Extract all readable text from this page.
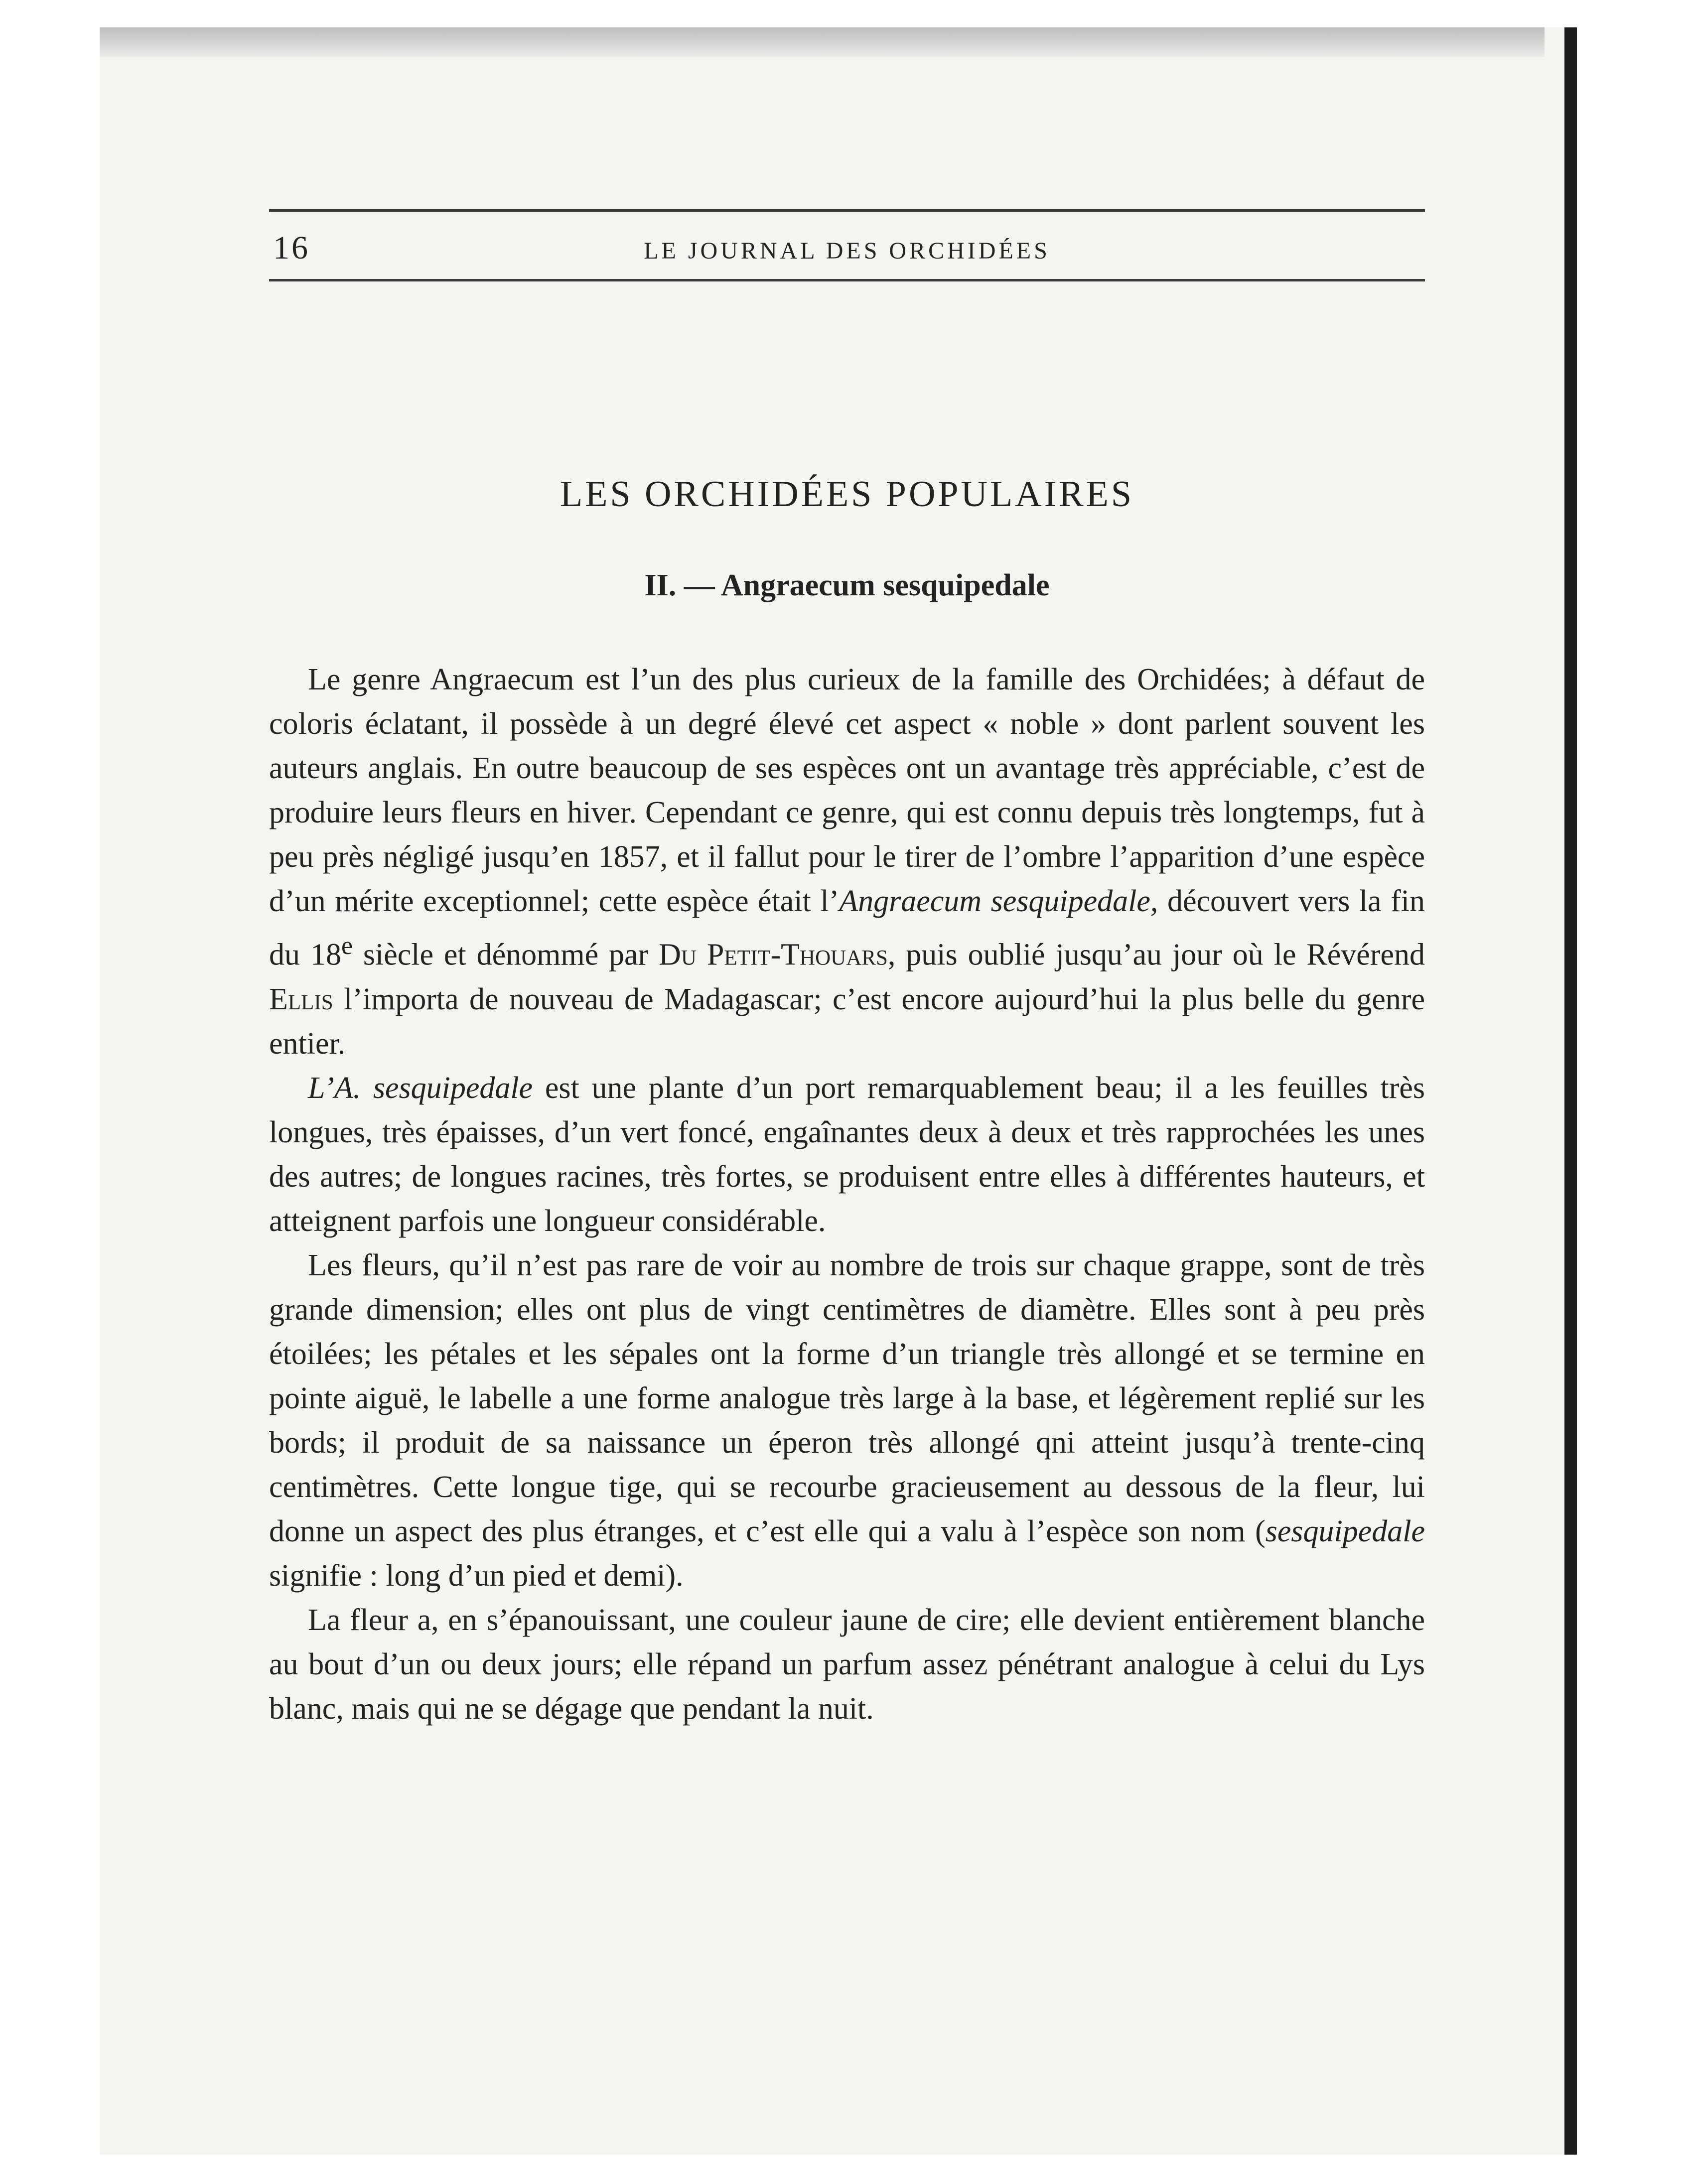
16	LE JOURNAL DES ORCHIDÉES
LES ORCHIDÉES POPULAIRES
II. — Angraecum sesquipedale

Le genre Angraecum est l’un des plus curieux de la famille des Orchidées; à défaut de coloris éclatant, il possède à un degré élevé cet aspect « noble » dont parlent souvent les auteurs anglais. En outre beaucoup de ses espèces ont un avantage très appréciable, c’est de produire leurs fleurs en hiver. Cependant ce genre, qui est connu depuis très longtemps, fut à peu près négligé jusqu’en 1857, et il fallut pour le tirer de l’ombre l’apparition d’une espèce d’un mérite exceptionnel; cette espèce était l’Angraecum sesquipedale, découvert vers la fin du 18e siècle et dénommé par Du Petit-Thouars, puis oublié jusqu’au jour où le Révérend Ellis l’importa de nouveau de Madagascar; c’est encore aujourd’hui la plus belle du genre entier.

L’A. sesquipedale est une plante d’un port remarquablement beau; il a les feuilles très longues, très épaisses, d’un vert foncé, engaînantes deux à deux et très rapprochées les unes des autres; de longues racines, très fortes, se produisent entre elles à différentes hauteurs, et atteignent parfois une longueur considérable.

Les fleurs, qu’il n’est pas rare de voir au nombre de trois sur chaque grappe, sont de très grande dimension; elles ont plus de vingt centimètres de diamètre. Elles sont à peu près étoilées; les pétales et les sépales ont la forme d’un triangle très allongé et se termine en pointe aiguë, le labelle a une forme analogue très large à la base, et légèrement replié sur les bords; il produit de sa naissance un éperon très allongé qni atteint jusqu’à trente-cinq centimètres. Cette longue tige, qui se recourbe gracieusement au dessous de la fleur, lui donne un aspect des plus étranges, et c’est elle qui a valu à l’espèce son nom (sesquipedale signifie : long d’un pied et demi).

La fleur a, en s’épanouissant, une couleur jaune de cire; elle devient entièrement blanche au bout d’un ou deux jours; elle répand un parfum assez pénétrant analogue à celui du Lys blanc, mais qui ne se dégage que pendant la nuit.
